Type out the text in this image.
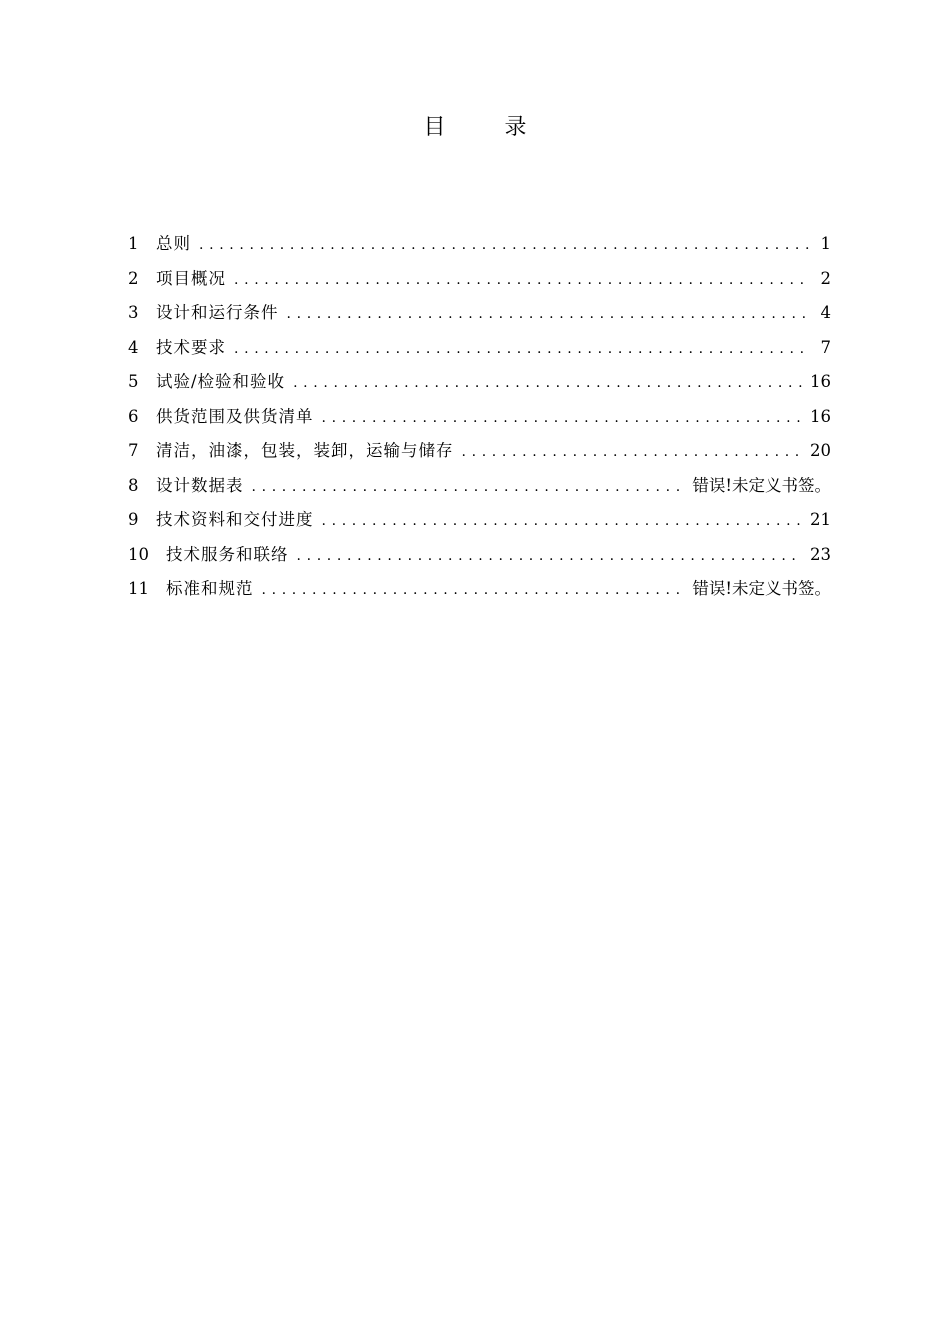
目 录
1	总则 . . .	1
2	项目概况 . . .	2
3	设计和运行条件 . . .	4
4	技术要求 . . .	7
5	试验/检验和验收 . . .	16
6	供货范围及供货清单 . . .	16
7	清洁，油漆，包装，装卸，运输与储存 . . .	20
8	设计数据表 . . .	错误!未定义书签。
9	技术资料和交付进度 . . .	21
10	技术服务和联络 . . .	23
11	标准和规范 . . .	错误!未定义书签。
